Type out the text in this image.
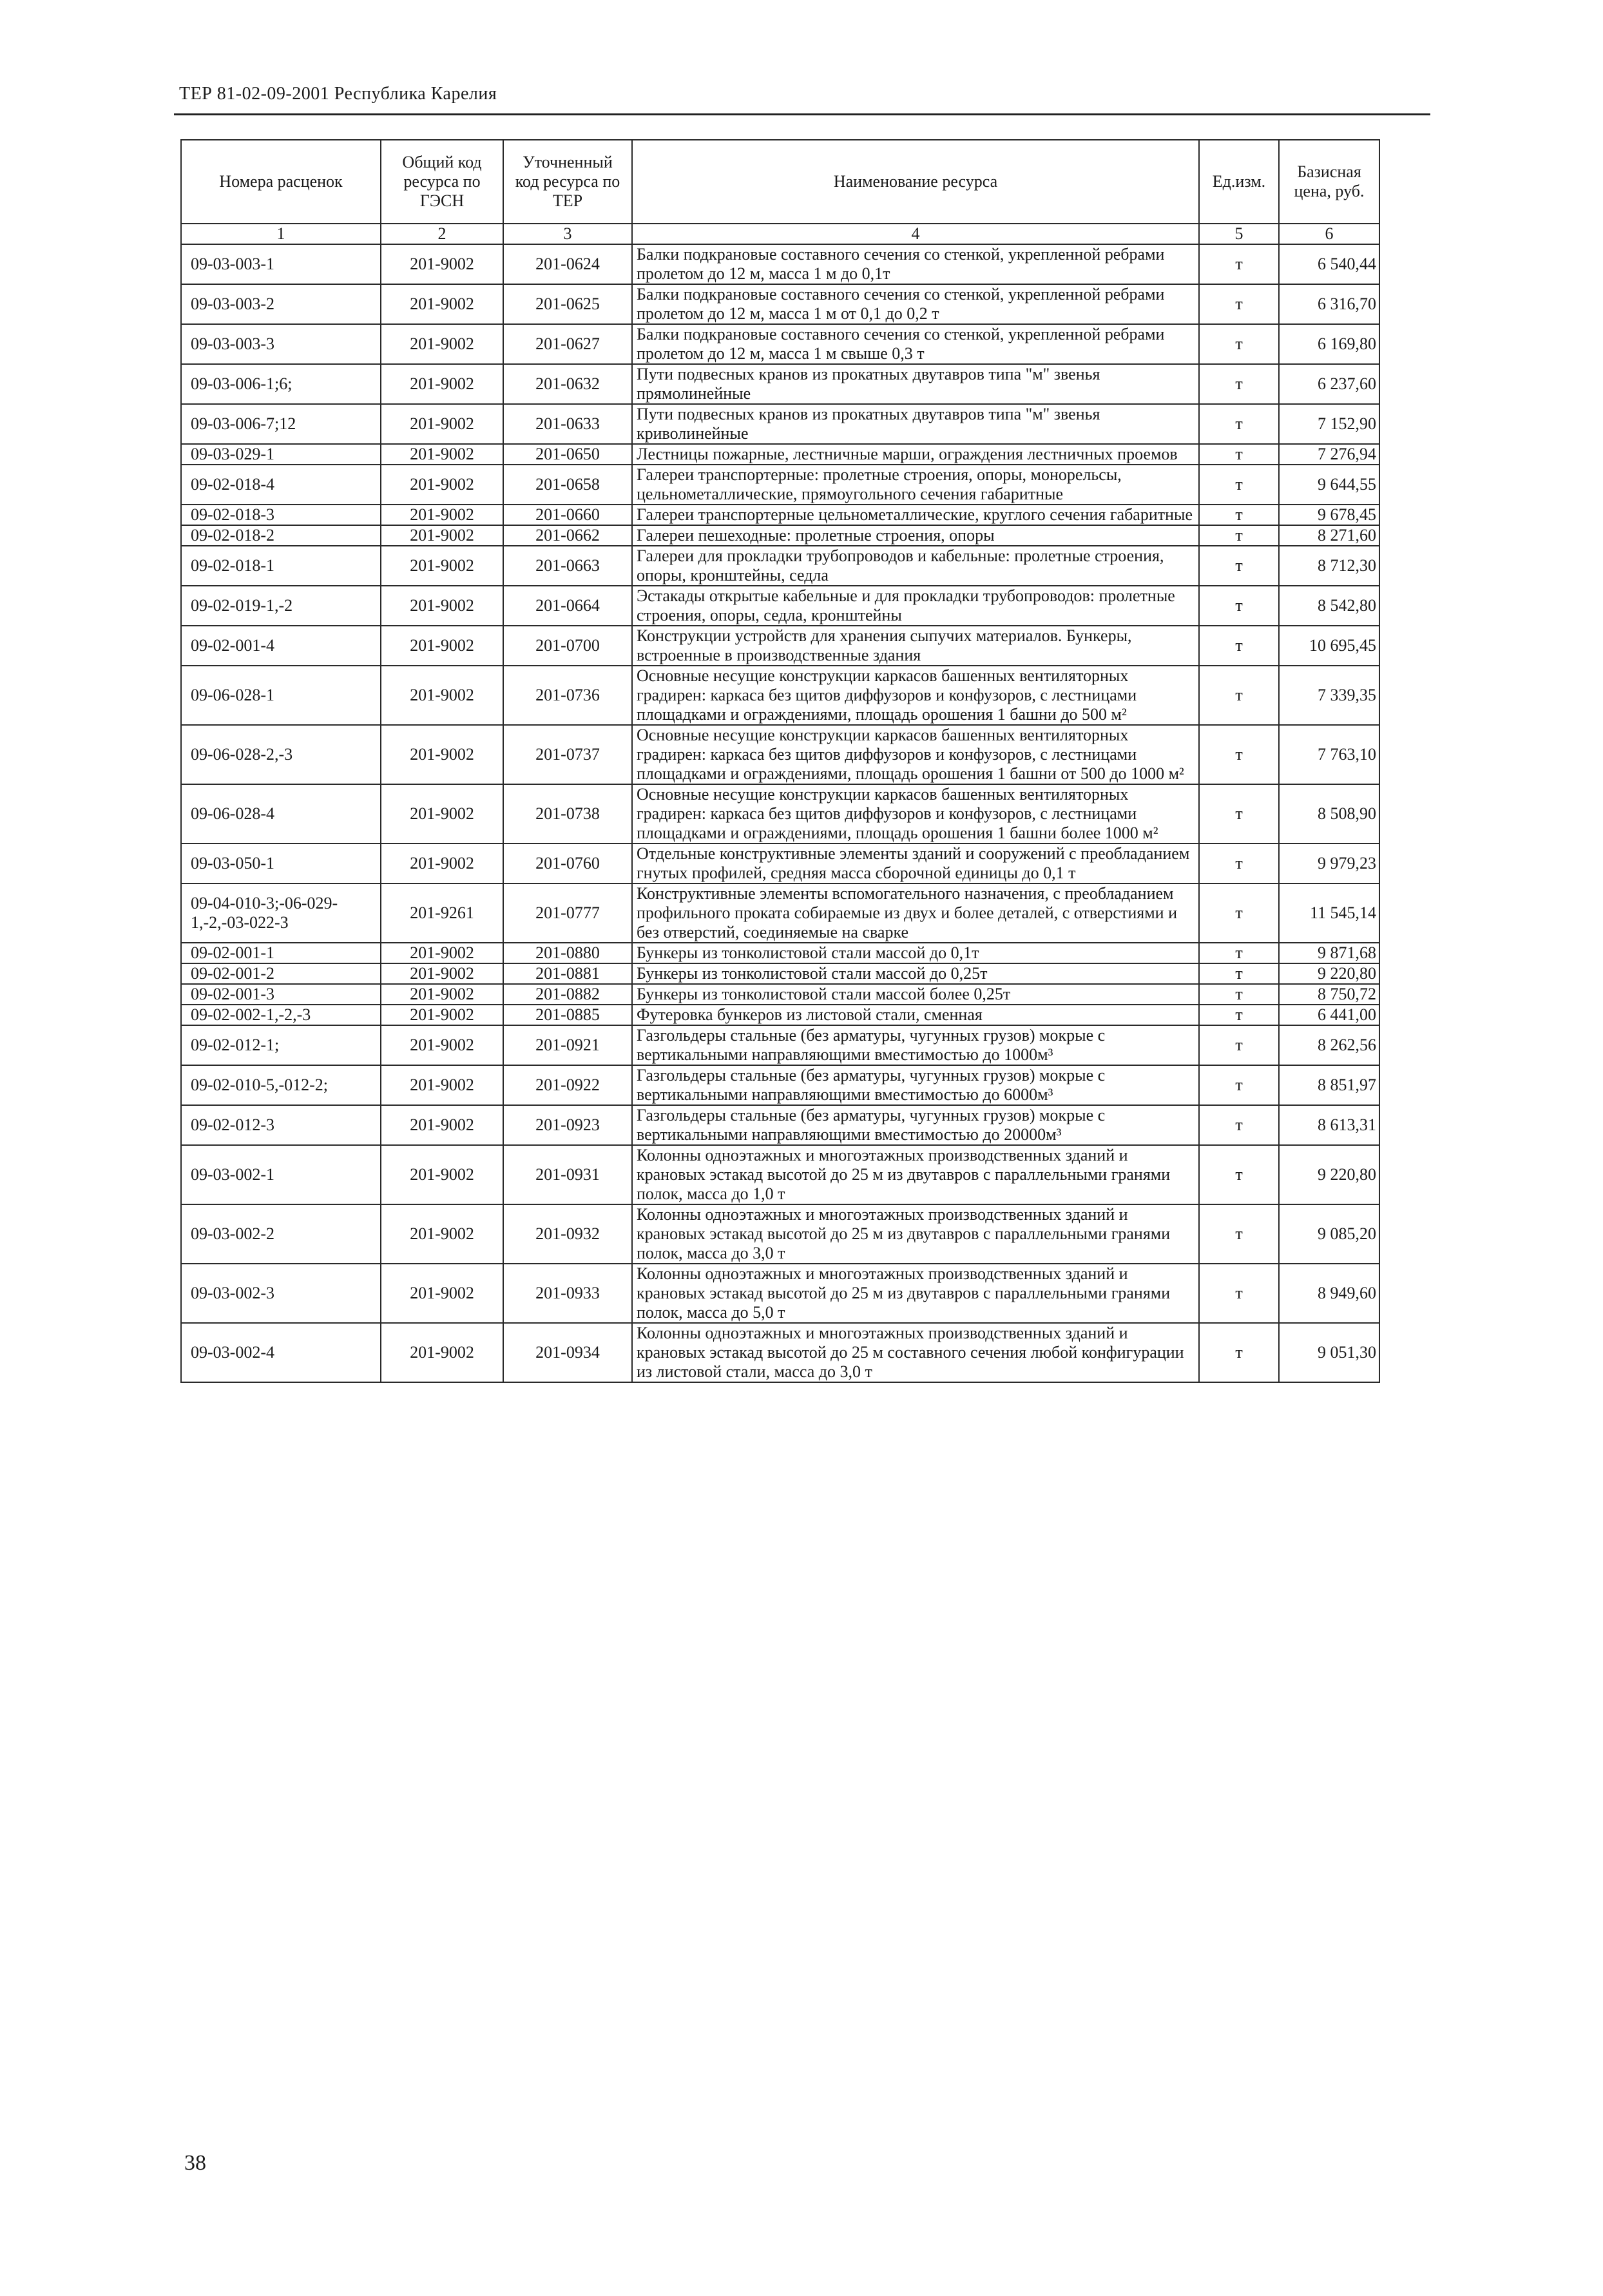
ТЕР 81-02-09-2001 Республика Карелия
Номера расценок	Общий код ресурса по ГЭСН	Уточненный код ресурса по ТЕР	Наименование ресурса	Ед.изм.	Базисная цена, руб.
1	2	3	4	5	6
09-03-003-1	201-9002	201-0624	Балки подкрановые составного сечения со стенкой, укрепленной ребрами пролетом до 12 м, масса 1 м до 0,1т	т	6 540,44
09-03-003-2	201-9002	201-0625	Балки подкрановые составного сечения со стенкой, укрепленной ребрами пролетом до 12 м, масса 1 м от 0,1 до 0,2 т	т	6 316,70
09-03-003-3	201-9002	201-0627	Балки подкрановые составного сечения со стенкой, укрепленной ребрами пролетом до 12 м, масса 1 м свыше 0,3 т	т	6 169,80
09-03-006-1;6;	201-9002	201-0632	Пути подвесных кранов из прокатных двутавров типа "м" звенья прямолинейные	т	6 237,60
09-03-006-7;12	201-9002	201-0633	Пути подвесных кранов из прокатных двутавров типа "м" звенья криволинейные	т	7 152,90
09-03-029-1	201-9002	201-0650	Лестницы пожарные, лестничные марши, ограждения лестничных проемов	т	7 276,94
09-02-018-4	201-9002	201-0658	Галереи транспортерные: пролетные строения, опоры, монорельсы, цельнометаллические, прямоугольного сечения габаритные	т	9 644,55
09-02-018-3	201-9002	201-0660	Галереи транспортерные цельнометаллические, круглого сечения габаритные	т	9 678,45
09-02-018-2	201-9002	201-0662	Галереи пешеходные: пролетные строения, опоры	т	8 271,60
09-02-018-1	201-9002	201-0663	Галереи для прокладки трубопроводов и кабельные: пролетные строения, опоры, кронштейны, седла	т	8 712,30
09-02-019-1,-2	201-9002	201-0664	Эстакады открытые кабельные и для прокладки трубопроводов: пролетные строения, опоры, седла, кронштейны	т	8 542,80
09-02-001-4	201-9002	201-0700	Конструкции устройств для хранения сыпучих материалов. Бункеры, встроенные в производственные здания	т	10 695,45
09-06-028-1	201-9002	201-0736	Основные несущие конструкции каркасов башенных вентиляторных градирен: каркаса без щитов диффузоров и конфузоров, с лестницами площадками и ограждениями, площадь орошения 1 башни до 500 м²	т	7 339,35
09-06-028-2,-3	201-9002	201-0737	Основные несущие конструкции каркасов башенных вентиляторных градирен: каркаса без щитов диффузоров и конфузоров, с лестницами площадками и ограждениями, площадь орошения 1 башни от 500 до 1000 м²	т	7 763,10
09-06-028-4	201-9002	201-0738	Основные несущие конструкции каркасов башенных вентиляторных градирен: каркаса без щитов диффузоров и конфузоров, с лестницами площадками и ограждениями, площадь орошения 1 башни более 1000 м²	т	8 508,90
09-03-050-1	201-9002	201-0760	Отдельные конструктивные элементы зданий и сооружений с преобладанием гнутых профилей, средняя масса сборочной единицы до 0,1 т	т	9 979,23
09-04-010-3;-06-029-1,-2,-03-022-3	201-9261	201-0777	Конструктивные элементы вспомогательного назначения, с преобладанием профильного проката собираемые из двух и более деталей, с отверстиями и без отверстий, соединяемые на сварке	т	11 545,14
09-02-001-1	201-9002	201-0880	Бункеры из тонколистовой стали массой до 0,1т	т	9 871,68
09-02-001-2	201-9002	201-0881	Бункеры из тонколистовой стали массой до 0,25т	т	9 220,80
09-02-001-3	201-9002	201-0882	Бункеры из тонколистовой стали массой более 0,25т	т	8 750,72
09-02-002-1,-2,-3	201-9002	201-0885	Футеровка бункеров из листовой стали, сменная	т	6 441,00
09-02-012-1;	201-9002	201-0921	Газгольдеры стальные (без арматуры, чугунных грузов) мокрые с вертикальными направляющими вместимостью до 1000м³	т	8 262,56
09-02-010-5,-012-2;	201-9002	201-0922	Газгольдеры стальные (без арматуры, чугунных грузов) мокрые с вертикальными направляющими вместимостью до 6000м³	т	8 851,97
09-02-012-3	201-9002	201-0923	Газгольдеры стальные (без арматуры, чугунных грузов) мокрые с вертикальными направляющими вместимостью до 20000м³	т	8 613,31
09-03-002-1	201-9002	201-0931	Колонны одноэтажных и многоэтажных производственных зданий и крановых эстакад высотой до 25 м из двутавров с параллельными гранями полок, масса до 1,0 т	т	9 220,80
09-03-002-2	201-9002	201-0932	Колонны одноэтажных и многоэтажных производственных зданий и крановых эстакад высотой до 25 м из двутавров с параллельными гранями полок, масса до 3,0 т	т	9 085,20
09-03-002-3	201-9002	201-0933	Колонны одноэтажных и многоэтажных производственных зданий и крановых эстакад высотой до 25 м из двутавров с параллельными гранями полок, масса до 5,0 т	т	8 949,60
09-03-002-4	201-9002	201-0934	Колонны одноэтажных и многоэтажных производственных зданий и крановых эстакад высотой до 25 м составного сечения любой конфигурации из листовой стали, масса до 3,0 т	т	9 051,30
38
